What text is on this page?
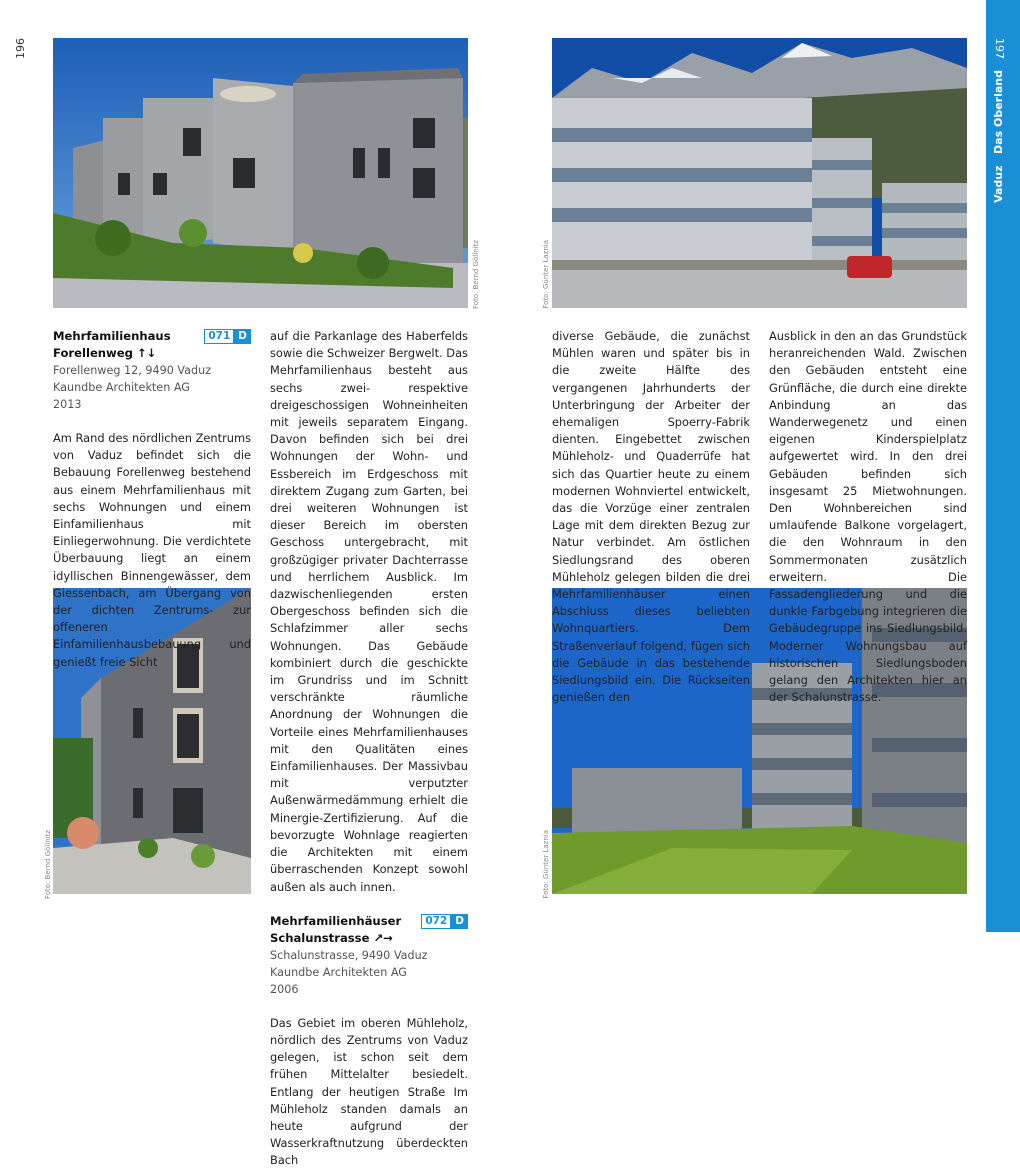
196	197
Vaduz   Das Oberland
Foto: Bernd Göllnitz
Foto: Bernd Göllnitz
Foto: Günter Laznia
Foto: Günter Laznia
Mehrfamilienhaus
Forellenweg ↑↓
071 D
Forellenweg 12, 9490 Vaduz
Kaundbe Architekten AG
2013

Am Rand des nördlichen Zentrums von Vaduz befindet sich die Bebauung Forellenweg bestehend aus einem Mehrfamilienhaus mit sechs Wohnungen und einem Einfamilienhaus mit Einliegerwohnung. Die verdichtete Überbauung liegt an einem idyllischen Binnengewässer, dem Giessenbach, am Übergang von der dichten Zentrums- zur offeneren Einfamilienhausbebauung und genießt freie Sicht

auf die Parkanlage des Haberfelds sowie die Schweizer Bergwelt. Das Mehrfamilienhaus besteht aus sechs zwei- respektive dreigeschossigen Wohneinheiten mit jeweils separatem Eingang. Davon befinden sich bei drei Wohnungen der Wohn- und Essbereich im Erdgeschoss mit direktem Zugang zum Garten, bei drei weiteren Wohnungen ist dieser Bereich im obersten Geschoss untergebracht, mit großzügiger privater Dachterrasse und herrlichem Ausblick. Im dazwischenliegenden ersten Obergeschoss befinden sich die Schlafzimmer aller sechs Wohnungen. Das Gebäude kombiniert durch die geschickte im Grundriss und im Schnitt verschränkte räumliche Anordnung der Wohnungen die Vorteile eines Mehrfamilienhauses mit den Qualitäten eines Einfamilienhauses. Der Massivbau mit verputzter Außenwärmedämmung erhielt die Minergie-Zertifizierung. Auf die bevorzugte Wohnlage reagierten die Architekten mit einem überraschenden Konzept sowohl außen als auch innen.

Mehrfamilienhäuser
Schalunstrasse ↗→
072 D
Schalunstrasse, 9490 Vaduz
Kaundbe Architekten AG
2006

Das Gebiet im oberen Mühleholz, nördlich des Zentrums von Vaduz gelegen, ist schon seit dem frühen Mittelalter besiedelt. Entlang der heutigen Straße Im Mühleholz standen damals an heute aufgrund der Wasserkraftnutzung überdeckten Bach

diverse Gebäude, die zunächst Mühlen waren und später bis in die zweite Hälfte des vergangenen Jahrhunderts der Unterbringung der Arbeiter der ehemaligen Spoerry-Fabrik dienten. Eingebettet zwischen Mühleholz- und Quaderrüfe hat sich das Quartier heute zu einem modernen Wohnviertel entwickelt, das die Vorzüge einer zentralen Lage mit dem direkten Bezug zur Natur verbindet. Am östlichen Siedlungsrand des oberen Mühleholz gelegen bilden die drei Mehrfamilienhäuser einen Abschluss dieses beliebten Wohnquartiers. Dem Straßenverlauf folgend, fügen sich die Gebäude in das bestehende Siedlungsbild ein. Die Rückseiten genießen den

Ausblick in den an das Grundstück heranreichenden Wald. Zwischen den Gebäuden entsteht eine Grünfläche, die durch eine direkte Anbindung an das Wanderwegenetz und einen eigenen Kinderspielplatz aufgewertet wird. In den drei Gebäuden befinden sich insgesamt 25 Mietwohnungen. Den Wohnbereichen sind umlaufende Balkone vorgelagert, die den Wohnraum in den Sommermonaten zusätzlich erweitern. Die Fassadengliederung und die dunkle Farbgebung integrieren die Gebäudegruppe ins Siedlungsbild. Moderner Wohnungsbau auf historischen Siedlungsboden gelang den Architekten hier an der Schalunstrasse.
